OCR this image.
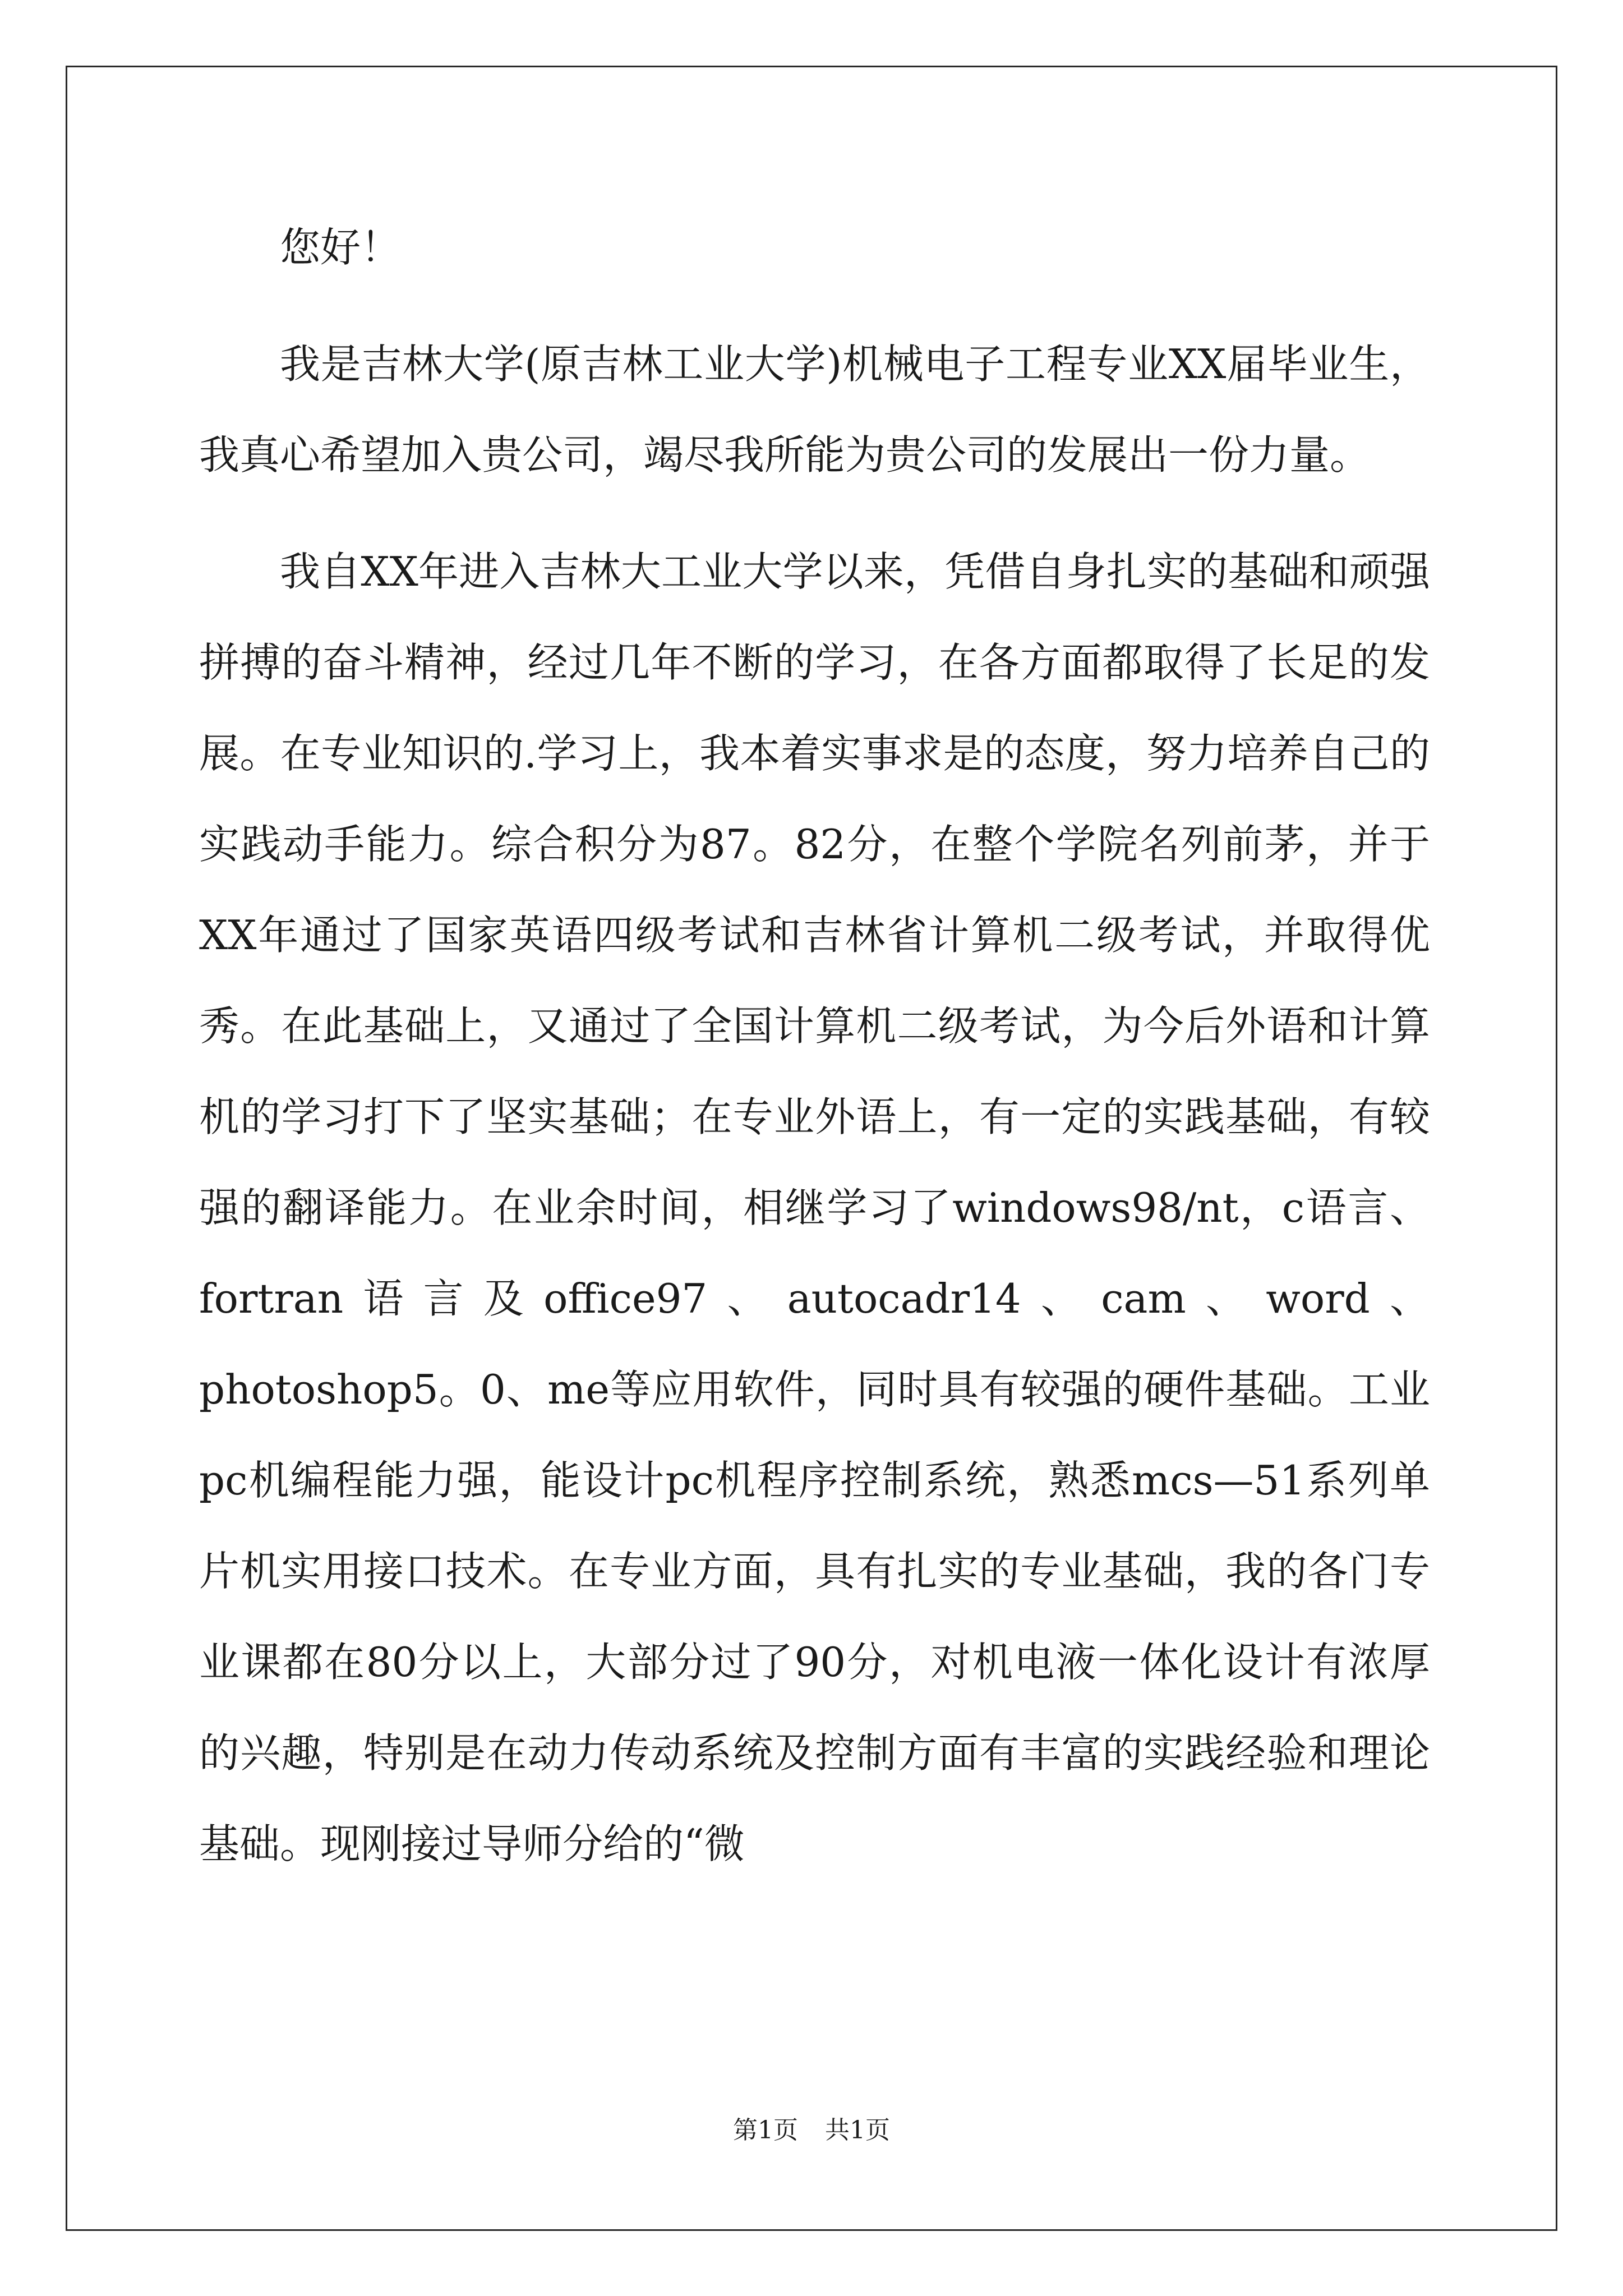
您好！

我是吉林大学(原吉林工业大学)机械电子工程专业XX届毕业生，我真心希望加入贵公司，竭尽我所能为贵公司的发展出一份力量。

我自XX年进入吉林大工业大学以来，凭借自身扎实的基础和顽强拼搏的奋斗精神，经过几年不断的学习，在各方面都取得了长足的发展。在专业知识的.学习上，我本着实事求是的态度，努力培养自己的实践动手能力。综合积分为87。82分，在整个学院名列前茅，并于XX年通过了国家英语四级考试和吉林省计算机二级考试，并取得优秀。在此基础上，又通过了全国计算机二级考试，为今后外语和计算机的学习打下了坚实基础；在专业外语上，有一定的实践基础，有较强的翻译能力。在业余时间，相继学习了windows98/nt，c语言、fortran语言及office97、autocadr14、cam、word、photoshop5。0、me等应用软件，同时具有较强的硬件基础。工业pc机编程能力强，能设计pc机程序控制系统，熟悉mcs—51系列单片机实用接口技术。在专业方面，具有扎实的专业基础，我的各门专业课都在80分以上，大部分过了90分，对机电液一体化设计有浓厚的兴趣，特别是在动力传动系统及控制方面有丰富的实践经验和理论基础。现刚接过导师分给的“微

第1页 共1页
